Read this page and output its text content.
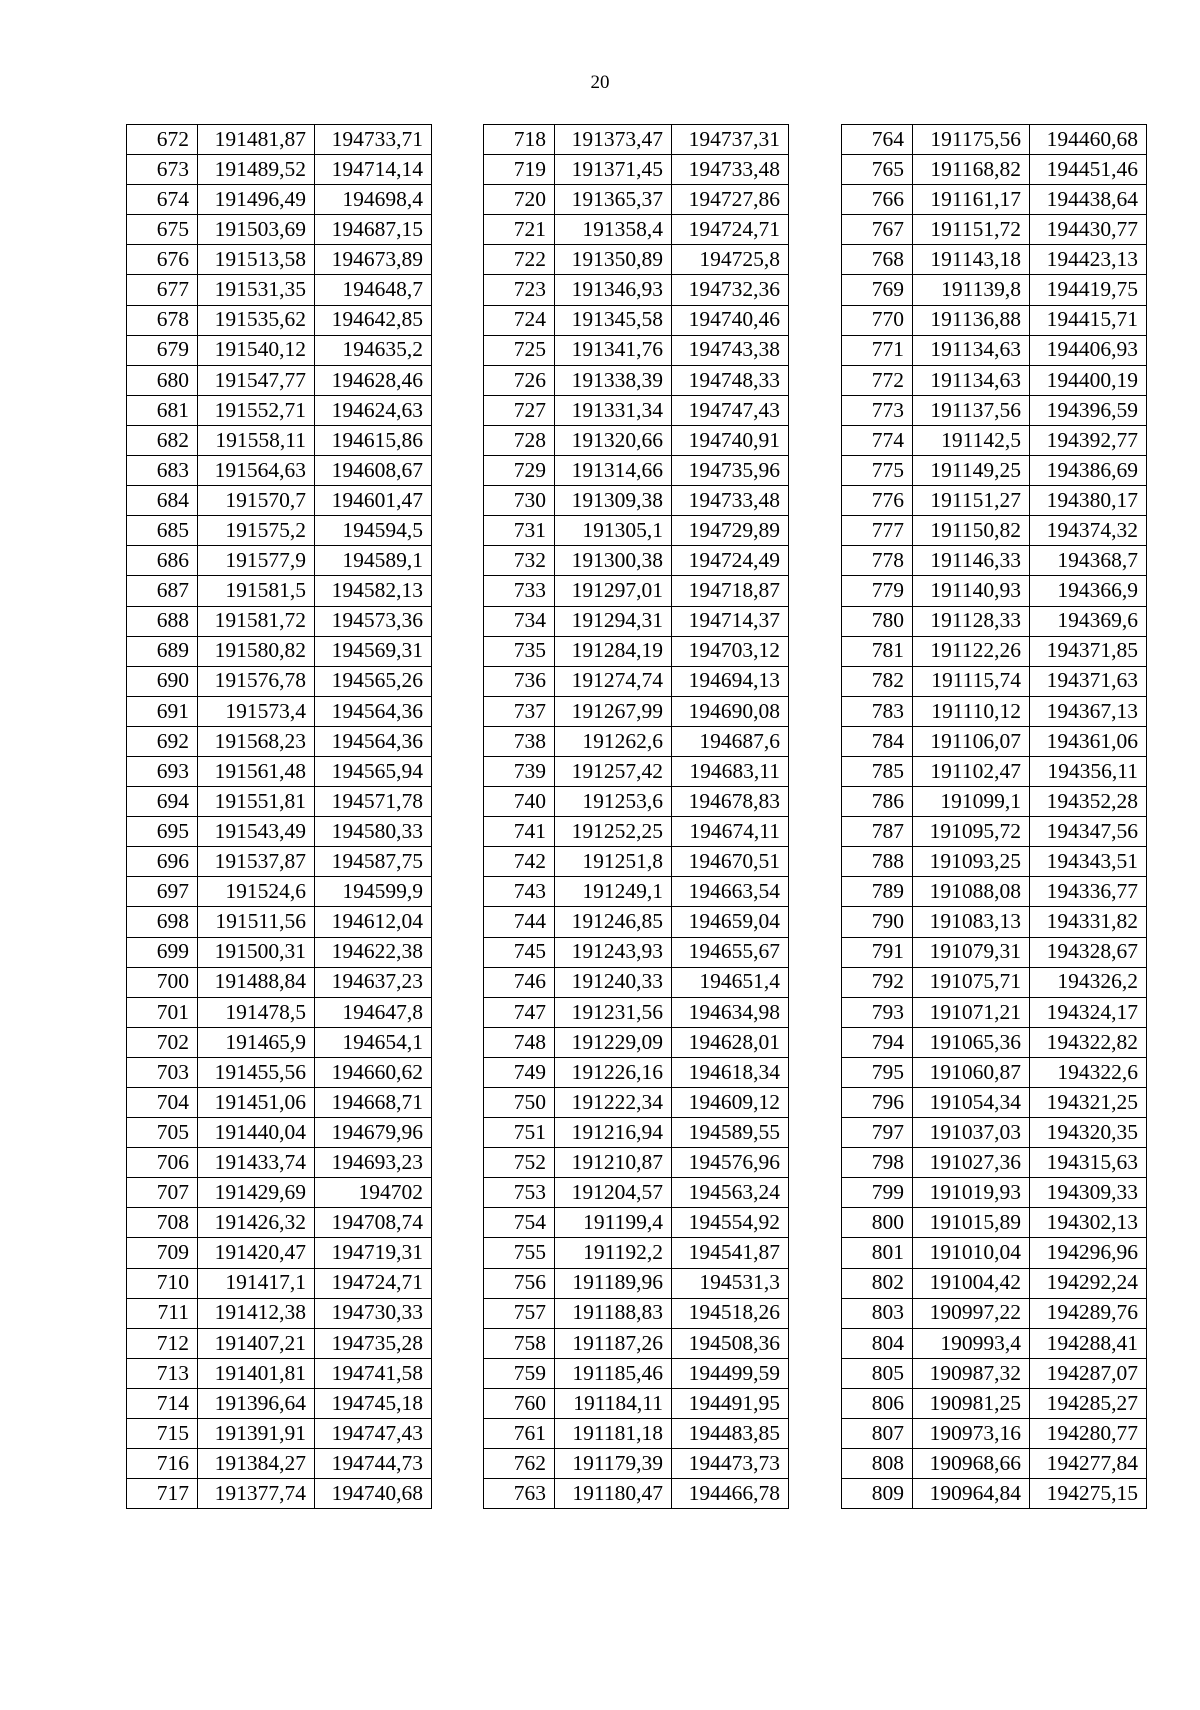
20
672	191481,87	194733,71
673	191489,52	194714,14
674	191496,49	194698,4
675	191503,69	194687,15
676	191513,58	194673,89
677	191531,35	194648,7
678	191535,62	194642,85
679	191540,12	194635,2
680	191547,77	194628,46
681	191552,71	194624,63
682	191558,11	194615,86
683	191564,63	194608,67
684	191570,7	194601,47
685	191575,2	194594,5
686	191577,9	194589,1
687	191581,5	194582,13
688	191581,72	194573,36
689	191580,82	194569,31
690	191576,78	194565,26
691	191573,4	194564,36
692	191568,23	194564,36
693	191561,48	194565,94
694	191551,81	194571,78
695	191543,49	194580,33
696	191537,87	194587,75
697	191524,6	194599,9
698	191511,56	194612,04
699	191500,31	194622,38
700	191488,84	194637,23
701	191478,5	194647,8
702	191465,9	194654,1
703	191455,56	194660,62
704	191451,06	194668,71
705	191440,04	194679,96
706	191433,74	194693,23
707	191429,69	194702
708	191426,32	194708,74
709	191420,47	194719,31
710	191417,1	194724,71
711	191412,38	194730,33
712	191407,21	194735,28
713	191401,81	194741,58
714	191396,64	194745,18
715	191391,91	194747,43
716	191384,27	194744,73
717	191377,74	194740,68
718	191373,47	194737,31
719	191371,45	194733,48
720	191365,37	194727,86
721	191358,4	194724,71
722	191350,89	194725,8
723	191346,93	194732,36
724	191345,58	194740,46
725	191341,76	194743,38
726	191338,39	194748,33
727	191331,34	194747,43
728	191320,66	194740,91
729	191314,66	194735,96
730	191309,38	194733,48
731	191305,1	194729,89
732	191300,38	194724,49
733	191297,01	194718,87
734	191294,31	194714,37
735	191284,19	194703,12
736	191274,74	194694,13
737	191267,99	194690,08
738	191262,6	194687,6
739	191257,42	194683,11
740	191253,6	194678,83
741	191252,25	194674,11
742	191251,8	194670,51
743	191249,1	194663,54
744	191246,85	194659,04
745	191243,93	194655,67
746	191240,33	194651,4
747	191231,56	194634,98
748	191229,09	194628,01
749	191226,16	194618,34
750	191222,34	194609,12
751	191216,94	194589,55
752	191210,87	194576,96
753	191204,57	194563,24
754	191199,4	194554,92
755	191192,2	194541,87
756	191189,96	194531,3
757	191188,83	194518,26
758	191187,26	194508,36
759	191185,46	194499,59
760	191184,11	194491,95
761	191181,18	194483,85
762	191179,39	194473,73
763	191180,47	194466,78
764	191175,56	194460,68
765	191168,82	194451,46
766	191161,17	194438,64
767	191151,72	194430,77
768	191143,18	194423,13
769	191139,8	194419,75
770	191136,88	194415,71
771	191134,63	194406,93
772	191134,63	194400,19
773	191137,56	194396,59
774	191142,5	194392,77
775	191149,25	194386,69
776	191151,27	194380,17
777	191150,82	194374,32
778	191146,33	194368,7
779	191140,93	194366,9
780	191128,33	194369,6
781	191122,26	194371,85
782	191115,74	194371,63
783	191110,12	194367,13
784	191106,07	194361,06
785	191102,47	194356,11
786	191099,1	194352,28
787	191095,72	194347,56
788	191093,25	194343,51
789	191088,08	194336,77
790	191083,13	194331,82
791	191079,31	194328,67
792	191075,71	194326,2
793	191071,21	194324,17
794	191065,36	194322,82
795	191060,87	194322,6
796	191054,34	194321,25
797	191037,03	194320,35
798	191027,36	194315,63
799	191019,93	194309,33
800	191015,89	194302,13
801	191010,04	194296,96
802	191004,42	194292,24
803	190997,22	194289,76
804	190993,4	194288,41
805	190987,32	194287,07
806	190981,25	194285,27
807	190973,16	194280,77
808	190968,66	194277,84
809	190964,84	194275,15
